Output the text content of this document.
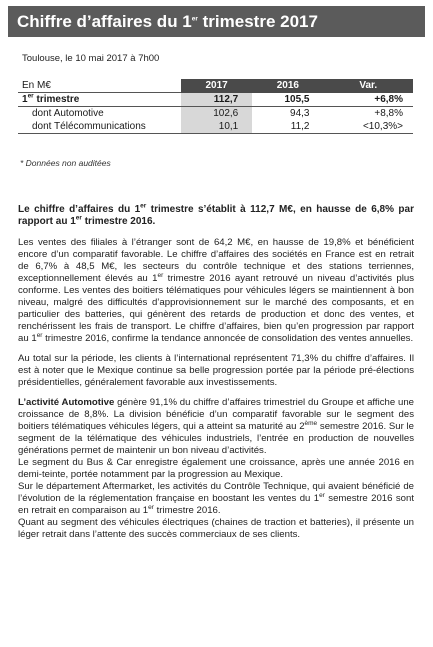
Chiffre d’affaires du 1er trimestre 2017
Toulouse, le 10 mai 2017 à 7h00
En M€	2017	2016	Var.
1er trimestre	112,7	105,5	+6,8%
dont Automotive	102,6	94,3	+8,8%
dont Télécommunications	10,1	11,2	<10,3%>
* Données non auditées

Le chiffre d’affaires du 1er trimestre s’établit à 112,7 M€, en hausse de 6,8% par rapport au 1er trimestre 2016.

Les ventes des filiales à l’étranger sont de 64,2 M€, en hausse de 19,8% et bénéficient encore d’un comparatif favorable. Le chiffre d’affaires des sociétés en France est en retrait de 6,7% à 48,5 M€, les secteurs du contrôle technique et des stations terriennes, exceptionnellement élevés au 1er trimestre 2016 ayant retrouvé un niveau d’activités plus conforme. Les ventes des boitiers télématiques pour véhicules légers se maintiennent à bon niveau, malgré des difficultés d’approvisionnement sur le marché des composants, et en particulier des batteries, qui génèrent des retards de production et donc des ventes, et renchérissent les frais de transport. Le chiffre d’affaires, bien qu’en progression par rapport au 1er trimestre 2016, confirme la tendance annoncée de consolidation des ventes annuelles.

Au total sur la période, les clients à l’international représentent 71,3% du chiffre d’affaires. Il est à noter que le Mexique continue sa belle progression portée par la période pré-élections présidentielles, généralement favorable aux investissements.

L’activité Automotive génère 91,1% du chiffre d’affaires trimestriel du Groupe et affiche une croissance de 8,8%. La division bénéficie d’un comparatif favorable sur le segment des boitiers télématiques véhicules légers, qui a atteint sa maturité au 2ème semestre 2016. Sur le segment de la télématique des véhicules industriels, l’entrée en production de nouvelles générations permet de maintenir un bon niveau d’activités.

Le segment du Bus & Car enregistre également une croissance, après une année 2016 en demi-teinte, portée notamment par la progression au Mexique.

Sur le département Aftermarket, les activités du Contrôle Technique, qui avaient bénéficié de l’évolution de la réglementation française en boostant les ventes du 1er semestre 2016 sont en retrait en comparaison au 1er trimestre 2016.

Quant au segment des véhicules électriques (chaines de traction et batteries), il présente un léger retrait dans l’attente des succès commerciaux de ses clients.
